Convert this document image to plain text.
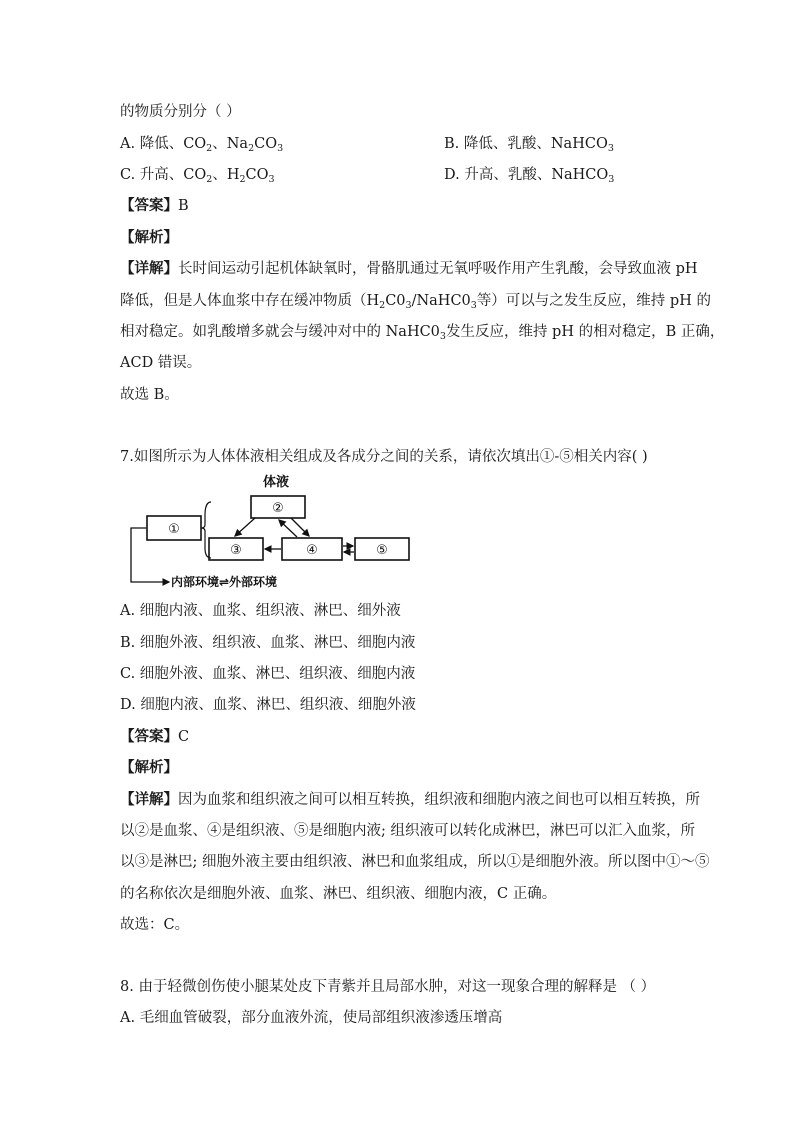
的物质分别分（ ）
A. 降低、$CO_2$、$Na_2CO_3$	B. 降低、乳酸、NaHCO$_3$
C. 升高、$CO_2$、$H_2CO_3$	D. 升高、乳酸、NaHCO$_3$
【答案】B
【解析】
【详解】长时间运动引起机体缺氧时，骨骼肌通过无氧呼吸作用产生乳酸，会导致血液 pH
降低，但是人体血浆中存在缓冲物质（$H_2C0_3/NaHC0_3$等）可以与之发生反应，维持 pH 的
相对稳定。如乳酸增多就会与缓冲对中的 $NaHC0_3$发生反应，维持 pH 的相对稳定，B 正确，
ACD 错误。
故选 B。
7.如图所示为人体体液相关组成及各成分之间的关系，请依次填出①-⑤相关内容( )
体液
①
②
③	④	⑤
内部环境⇌外部环境
A. 细胞内液、血浆、组织液、淋巴、细外液
B. 细胞外液、组织液、血浆、淋巴、细胞内液
C. 细胞外液、血浆、淋巴、组织液、细胞内液
D. 细胞内液、血浆、淋巴、组织液、细胞外液
【答案】C
【解析】
【详解】因为血浆和组织液之间可以相互转换，组织液和细胞内液之间也可以相互转换，所
以②是血浆、④是组织液、⑤是细胞内液; 组织液可以转化成淋巴，淋巴可以汇入血浆，所
以③是淋巴; 细胞外液主要由组织液、淋巴和血浆组成，所以①是细胞外液。所以图中①～⑤
的名称依次是细胞外液、血浆、淋巴、组织液、细胞内液，C 正确。
故选：C。
8. 由于轻微创伤使小腿某处皮下青紫并且局部水肿，对这一现象合理的解释是 （ ）
A. 毛细血管破裂，部分血液外流，使局部组织液渗透压增高
